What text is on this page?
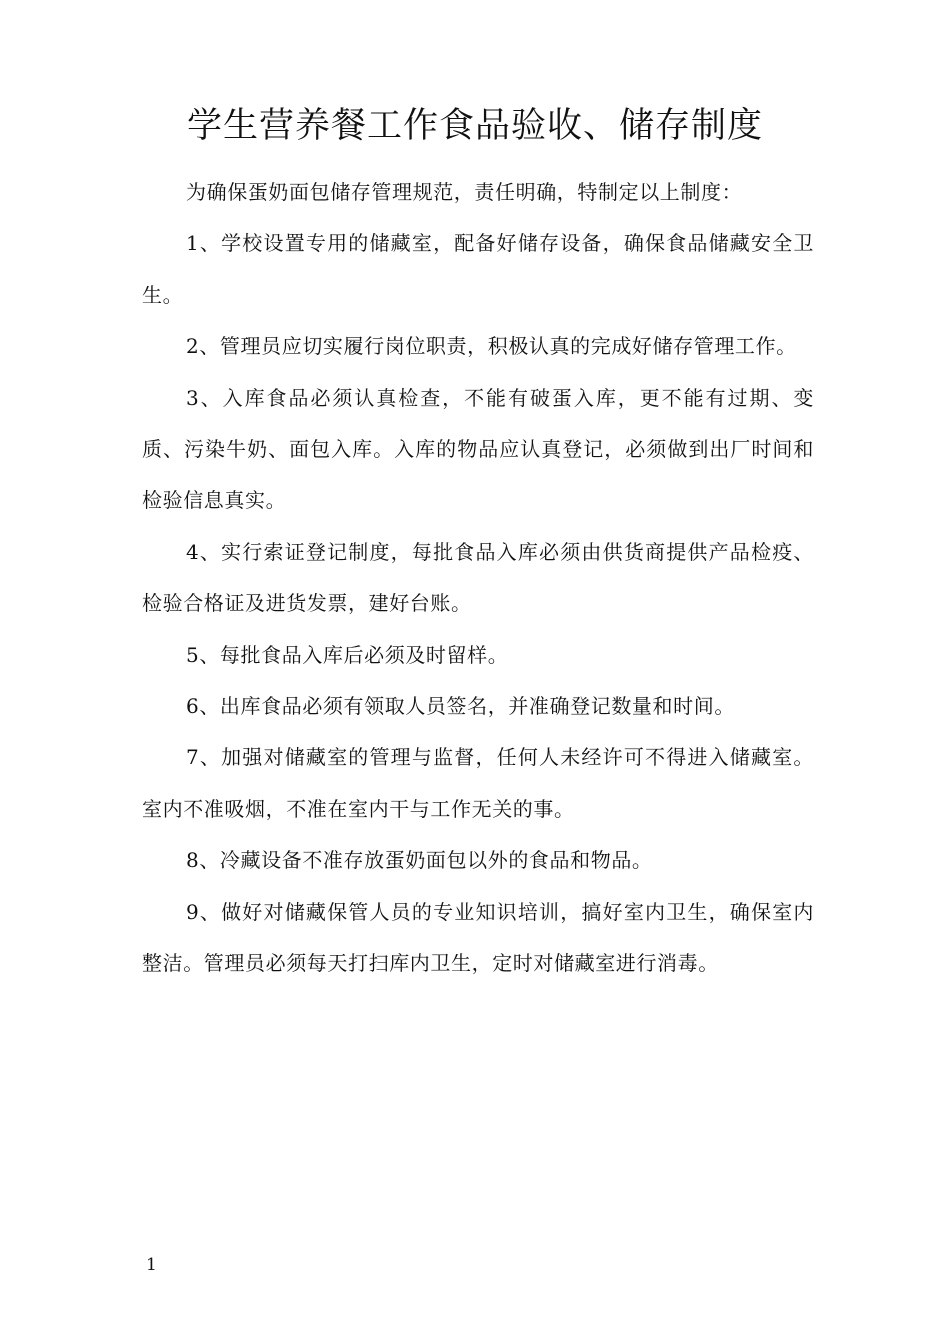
学生营养餐工作食品验收、储存制度

为确保蛋奶面包储存管理规范，责任明确，特制定以上制度：

1、学校设置专用的储藏室，配备好储存设备，确保食品储藏安全卫生。

2、管理员应切实履行岗位职责，积极认真的完成好储存管理工作。

3、入库食品必须认真检查，不能有破蛋入库，更不能有过期、变质、污染牛奶、面包入库。入库的物品应认真登记，必须做到出厂时间和检验信息真实。

4、实行索证登记制度，每批食品入库必须由供货商提供产品检疫、检验合格证及进货发票，建好台账。

5、每批食品入库后必须及时留样。

6、出库食品必须有领取人员签名，并准确登记数量和时间。

7、加强对储藏室的管理与监督，任何人未经许可不得进入储藏室。室内不准吸烟，不准在室内干与工作无关的事。

8、冷藏设备不准存放蛋奶面包以外的食品和物品。

9、做好对储藏保管人员的专业知识培训，搞好室内卫生，确保室内整洁。管理员必须每天打扫库内卫生，定时对储藏室进行消毒。

1
